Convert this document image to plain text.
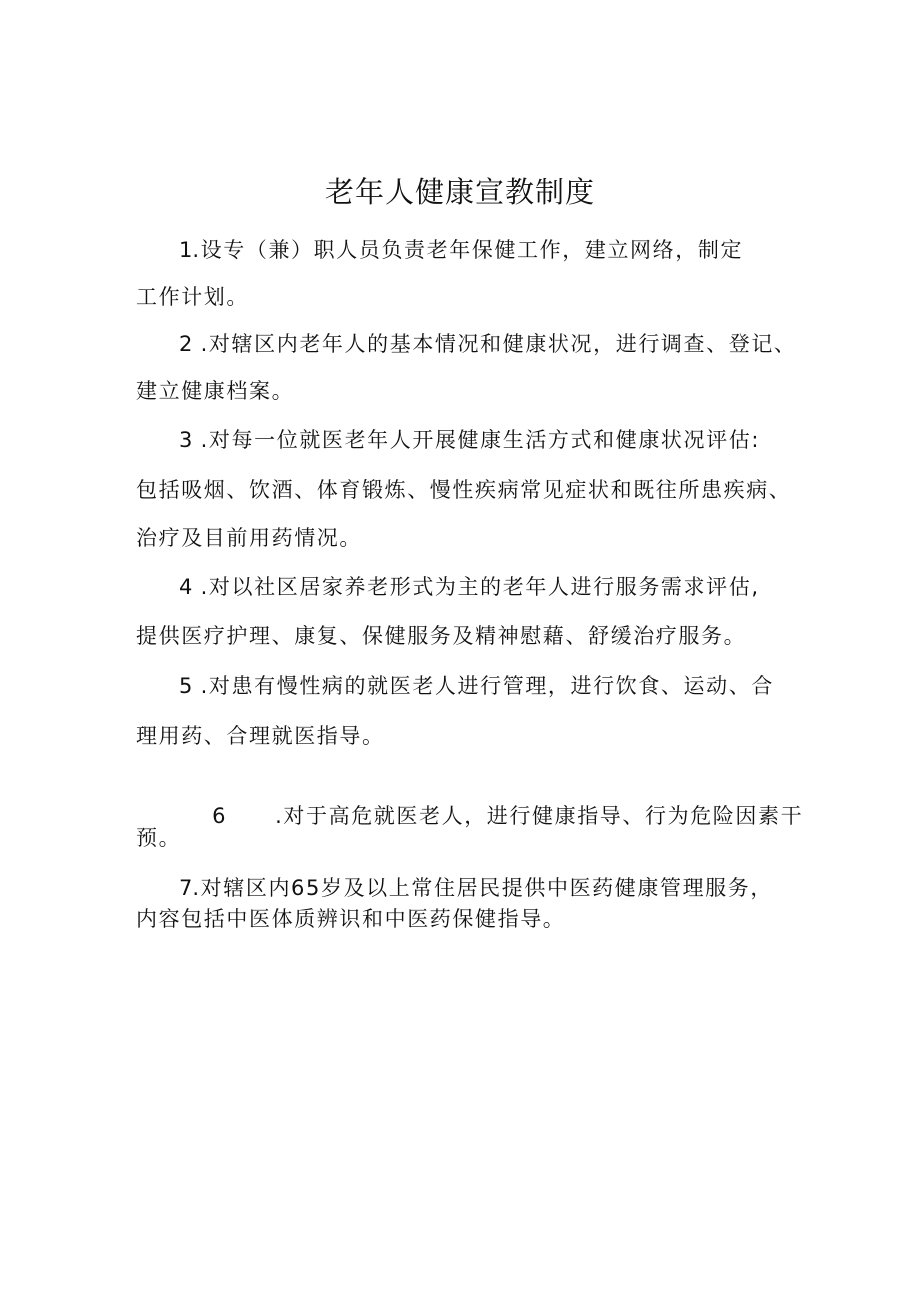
老年人健康宣教制度
1.设专（兼）职人员负责老年保健工作，建立网络，制定
工作计划。
2 .对辖区内老年人的基本情况和健康状况，进行调查、登记、
建立健康档案。
3 .对每一位就医老年人开展健康生活方式和健康状况评估:
包括吸烟、饮酒、体育锻炼、慢性疾病常见症状和既往所患疾病、
治疗及目前用药情况。
4 .对以社区居家养老形式为主的老年人进行服务需求评估,
提供医疗护理、康复、保健服务及精神慰藉、舒缓治疗服务。
5 .对患有慢性病的就医老人进行管理，进行饮食、运动、合
理用药、合理就医指导。

6      .对于高危就医老人，进行健康指导、行为危险因素干

预。
7.对辖区内65岁及以上常住居民提供中医药健康管理服务，
内容包括中医体质辨识和中医药保健指导。
